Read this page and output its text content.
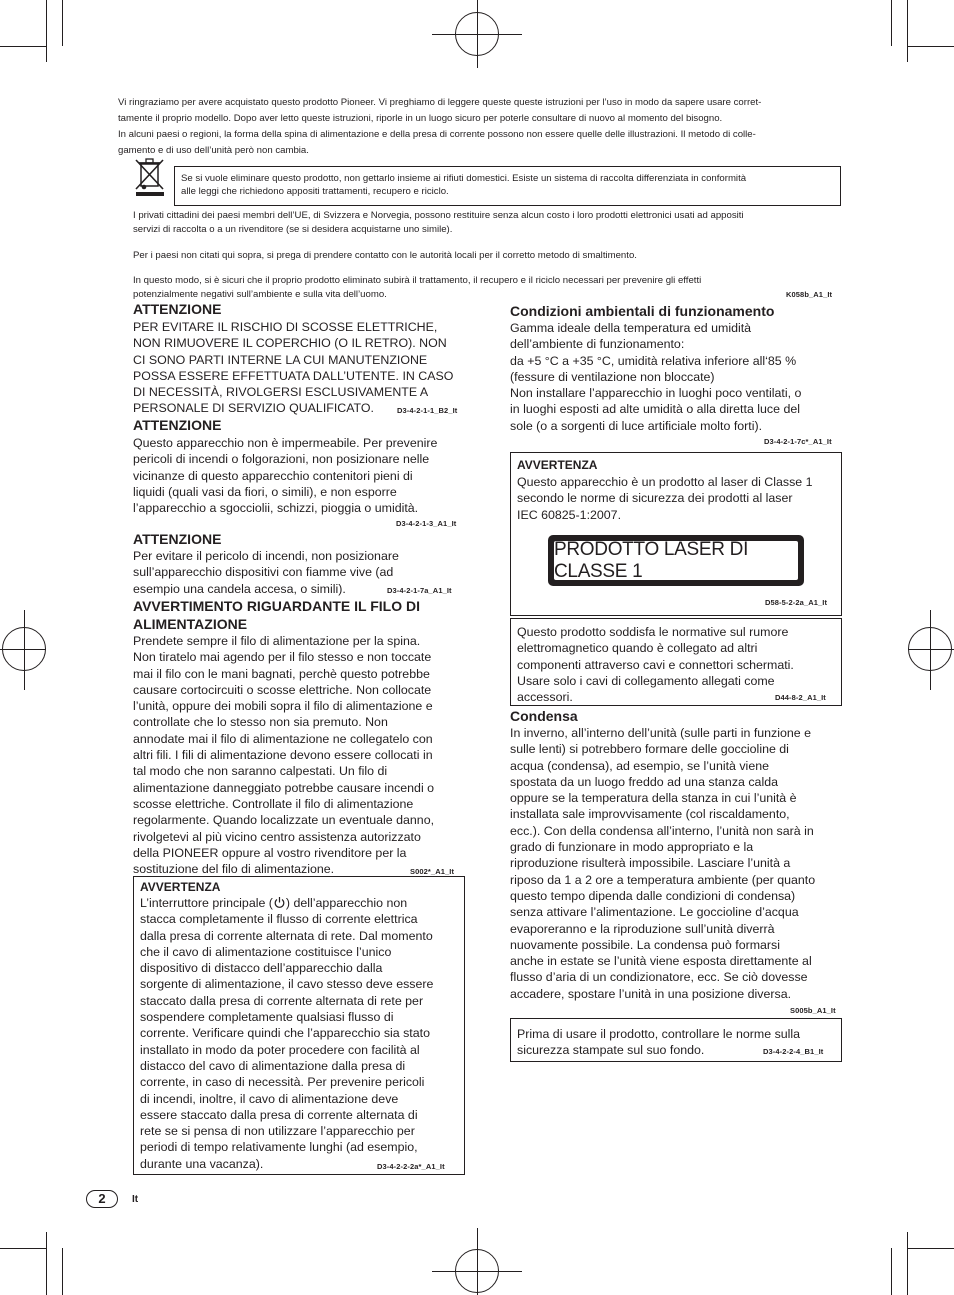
Vi ringraziamo per avere acquistato questo prodotto Pioneer. Vi preghiamo di leggere queste queste istruzioni per l’uso in modo da sapere usare corret-

tamente il proprio modello. Dopo aver letto queste istruzioni, riporle in un luogo sicuro per poterle consultare di nuovo al momento del bisogno.

In alcuni paesi o regioni, la forma della spina di alimentazione e della presa di corrente possono non essere quelle delle illustrazioni. Il metodo di colle-

gamento e di uso dell’unità però non cambia.

Se si vuole eliminare questo prodotto, non gettarlo insieme ai rifiuti domestici. Esiste un sistema di raccolta differenziata in conformità
alle leggi che richiedono appositi trattamenti, recupero e riciclo.
I privati cittadini dei paesi membri dell’UE, di Svizzera e Norvegia, possono restituire senza alcun costo i loro prodotti elettronici usati ad appositi
servizi di raccolta o a un rivenditore (se si desidera acquistarne uno simile).
Per i paesi non citati qui sopra, si prega di prendere contatto con le autorità locali per il corretto metodo di smaltimento.
In questo modo, si è sicuri che il proprio prodotto eliminato subirà il trattamento, il recupero e il riciclo necessari per prevenire gli effetti
potenzialmente negativi sull’ambiente e sulla vita dell’uomo.	K058b_A1_It
ATTENZIONE
PER EVITARE IL RISCHIO DI SCOSSE ELETTRICHE,
NON RIMUOVERE IL COPERCHIO (O IL RETRO). NON
CI SONO PARTI INTERNE LA CUI MANUTENZIONE
POSSA ESSERE EFFETTUATA DALL’UTENTE. IN CASO
DI NECESSITÀ, RIVOLGERSI ESCLUSIVAMENTE A
PERSONALE DI SERVIZIO QUALIFICATO.	D3-4-2-1-1_B2_It
ATTENZIONE
Questo apparecchio non è impermeabile. Per prevenire
pericoli di incendi o folgorazioni, non posizionare nelle
vicinanze di questo apparecchio contenitori pieni di
liquidi (quali vasi da fiori, o simili), e non esporre
l’apparecchio a sgocciolii, schizzi, pioggia o umidità.
D3-4-2-1-3_A1_It
ATTENZIONE
Per evitare il pericolo di incendi, non posizionare
sull’apparecchio dispositivi con fiamme vive (ad
esempio una candela accesa, o simili).	D3-4-2-1-7a_A1_It
AVVERTIMENTO RIGUARDANTE IL FILO DI
ALIMENTAZIONE
Prendete sempre il filo di alimentazione per la spina.
Non tiratelo mai agendo per il filo stesso e non toccate
mai il filo con le mani bagnati, perchè questo potrebbe
causare cortocircuiti o scosse elettriche. Non collocate
l’unità, oppure dei mobili sopra il filo di alimentazione e
controllate che lo stesso non sia premuto. Non
annodate mai il filo di alimentazione ne collegatelo con
altri fili. I fili di alimentazione devono essere collocati in
tal modo che non saranno calpestati. Un filo di
alimentazione danneggiato potrebbe causare incendi o
scosse elettriche. Controllate il filo di alimentazione
regolarmente. Quando localizzate un eventuale danno,
rivolgetevi al più vicino centro assistenza autorizzato
della PIONEER oppure al vostro rivenditore per la
sostituzione del filo di alimentazione.	S002*_A1_It
AVVERTENZA
L’interruttore principale ( ) dell’apparecchio non
stacca completamente il flusso di corrente elettrica
dalla presa di corrente alternata di rete. Dal momento
che il cavo di alimentazione costituisce l’unico
dispositivo di distacco dell’apparecchio dalla
sorgente di alimentazione, il cavo stesso deve essere
staccato dalla presa di corrente alternata di rete per
sospendere completamente qualsiasi flusso di
corrente. Verificare quindi che l’apparecchio sia stato
installato in modo da poter procedere con facilità al
distacco del cavo di alimentazione dalla presa di
corrente, in caso di necessità. Per prevenire pericoli
di incendi, inoltre, il cavo di alimentazione deve
essere staccato dalla presa di corrente alternata di
rete se si pensa di non utilizzare l’apparecchio per
periodi di tempo relativamente lunghi (ad esempio,
durante una vacanza).	D3-4-2-2-2a*_A1_It
Condizioni ambientali di funzionamento
Gamma ideale della temperatura ed umidità
dell’ambiente di funzionamento:
da +5 °C a +35 °C, umidità relativa inferiore all‘85 %
(fessure di ventilazione non bloccate)
Non installare l’apparecchio in luoghi poco ventilati, o
in luoghi esposti ad alte umidità o alla diretta luce del
sole (o a sorgenti di luce artificiale molto forti).
D3-4-2-1-7c*_A1_It
AVVERTENZA
Questo apparecchio è un prodotto al laser di Classe 1
secondo le norme di sicurezza dei prodotti al laser
IEC 60825-1:2007.
D58-5-2-2a_A1_It
PRODOTTO LASER DI CLASSE 1
Questo prodotto soddisfa le normative sul rumore
elettromagnetico quando è collegato ad altri
componenti attraverso cavi e connettori schermati.
Usare solo i cavi di collegamento allegati come
accessori.	D44-8-2_A1_It
Condensa
In inverno, all’interno dell’unità (sulle parti in funzione e
sulle lenti) si potrebbero formare delle goccioline di
acqua (condensa), ad esempio, se l’unità viene
spostata da un luogo freddo ad una stanza calda
oppure se la temperatura della stanza in cui l’unità è
installata sale improvvisamente (col riscaldamento,
ecc.). Con della condensa all’interno, l’unità non sarà in
grado di funzionare in modo appropriato e la
riproduzione risulterà impossibile. Lasciare l’unità a
riposo da 1 a 2 ore a temperatura ambiente (per quanto
questo tempo dipenda dalle condizioni di condensa)
senza attivare l’alimentazione. Le goccioline d’acqua
evaporeranno e la riproduzione sull’unità diverrà
nuovamente possibile. La condensa può formarsi
anche in estate se l’unità viene esposta direttamente al
flusso d’aria di un condizionatore, ecc. Se ciò dovesse
accadere, spostare l’unità in una posizione diversa.
S005b_A1_It
Prima di usare il prodotto, controllare le norme sulla
sicurezza stampate sul suo fondo.	D3-4-2-2-4_B1_It
2	It
